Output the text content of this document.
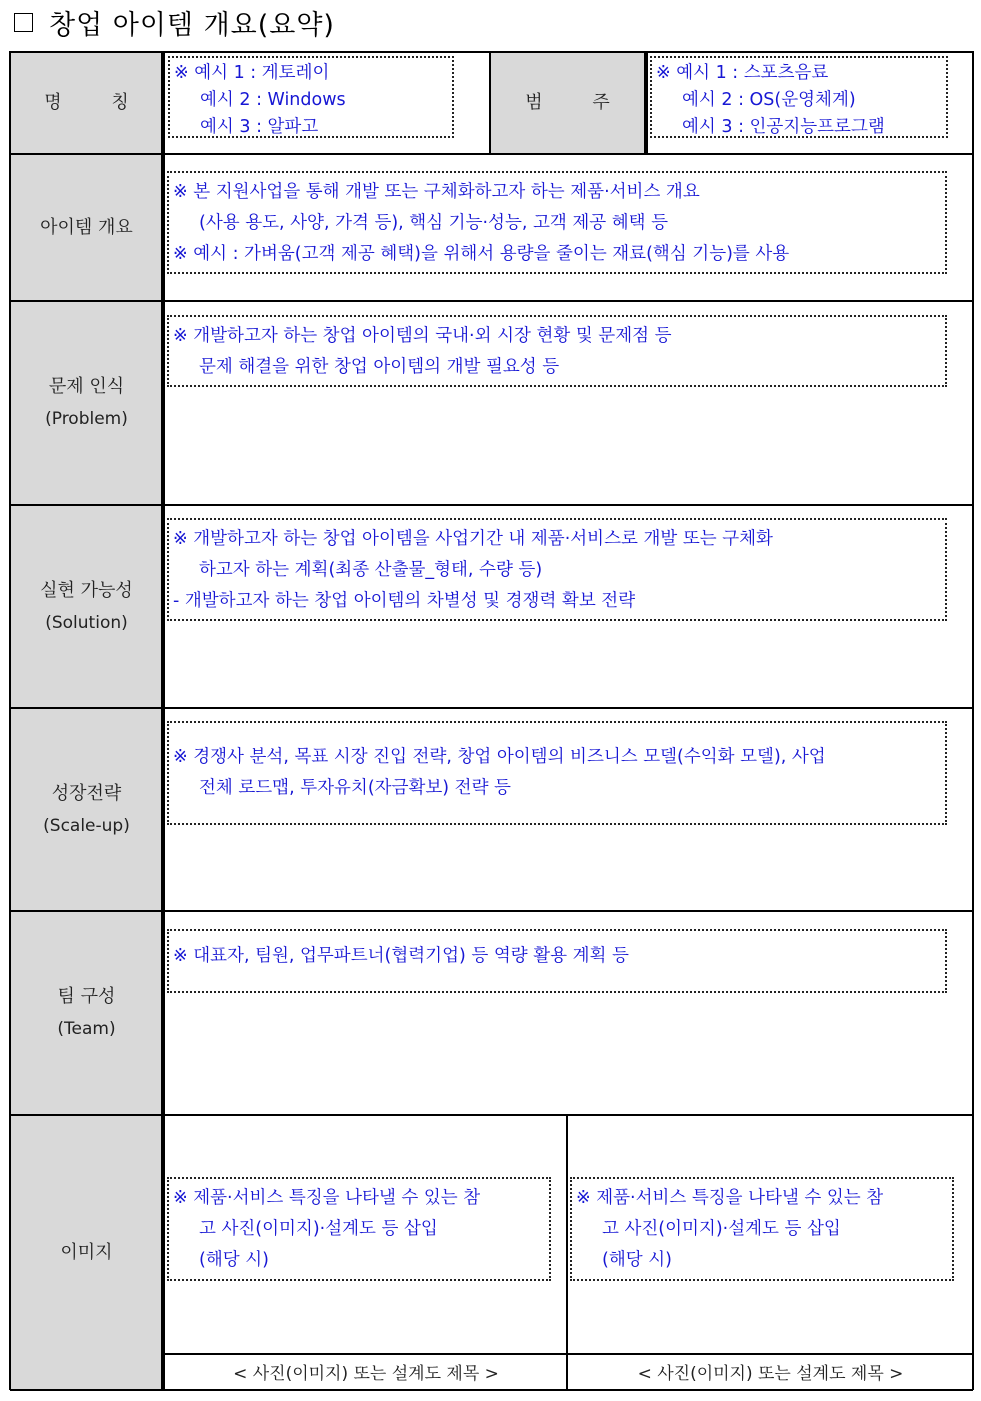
창업 아이템 개요(요약)
명 칭	범 주
아이템 개요
문제 인식
(Problem)
실현 가능성
(Solution)
성장전략
(Scale-up)
팀 구성
(Team)
이미지
※ 예시 1 : 게토레이
예시 2 : Windows
예시 3 : 알파고
※ 예시 1 : 스포츠음료
예시 2 : OS(운영체계)
예시 3 : 인공지능프로그램
※ 본 지원사업을 통해 개발 또는 구체화하고자 하는 제품·서비스 개요
(사용 용도, 사양, 가격 등), 핵심 기능·성능, 고객 제공 혜택 등
※ 예시 : 가벼움(고객 제공 혜택)을 위해서 용량을 줄이는 재료(핵심 기능)를 사용
※ 개발하고자 하는 창업 아이템의 국내·외 시장 현황 및 문제점 등
문제 해결을 위한 창업 아이템의 개발 필요성 등
※ 개발하고자 하는 창업 아이템을 사업기간 내 제품·서비스로 개발 또는 구체화
하고자 하는 계획(최종 산출물_형태, 수량 등)
- 개발하고자 하는 창업 아이템의 차별성 및 경쟁력 확보 전략
※ 경쟁사 분석, 목표 시장 진입 전략, 창업 아이템의 비즈니스 모델(수익화 모델), 사업
전체 로드맵, 투자유치(자금확보) 전략 등
※ 대표자, 팀원, 업무파트너(협력기업) 등 역량 활용 계획 등
※ 제품·서비스 특징을 나타낼 수 있는 참
고 사진(이미지)·설계도 등 삽입
(해당 시)
※ 제품·서비스 특징을 나타낼 수 있는 참
고 사진(이미지)·설계도 등 삽입
(해당 시)
< 사진(이미지) 또는 설계도 제목 >	< 사진(이미지) 또는 설계도 제목 >
